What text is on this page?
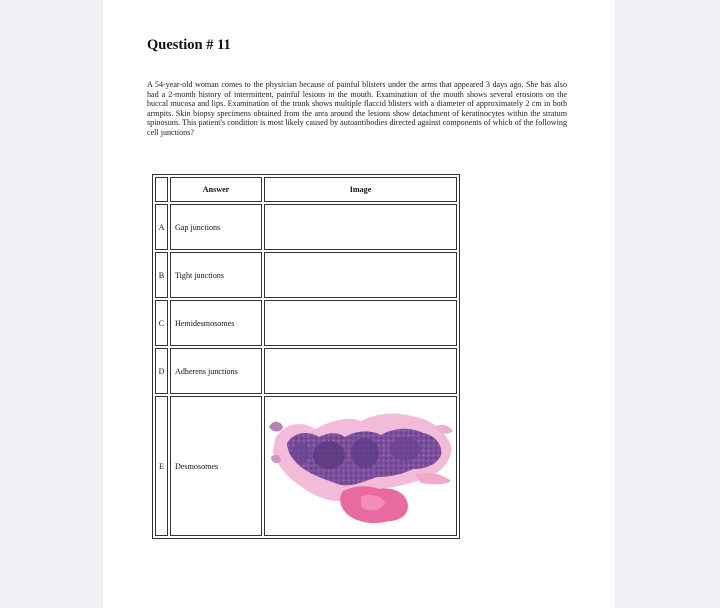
Question # 11
A 54-year-old woman comes to the physician because of painful blisters under the arms that appeared 3 days ago. She has also had a 2-month history of intermittent, painful lesions in the mouth. Examination of the mouth shows several erosions on the buccal mucosa and lips. Examination of the trunk shows multiple flaccid blisters with a diameter of approximately 2 cm in both armpits. Skin biopsy specimens obtained from the area around the lesions show detachment of keratinocytes within the stratum spinosum. This patient's condition is most likely caused by autoantibodies directed against components of which of the following cell junctions?
	Answer	Image
A	Gap junctions	
B	Tight junctions	
C	Hemidesmosomes	
D	Adherens junctions	
E	Desmosomes	
